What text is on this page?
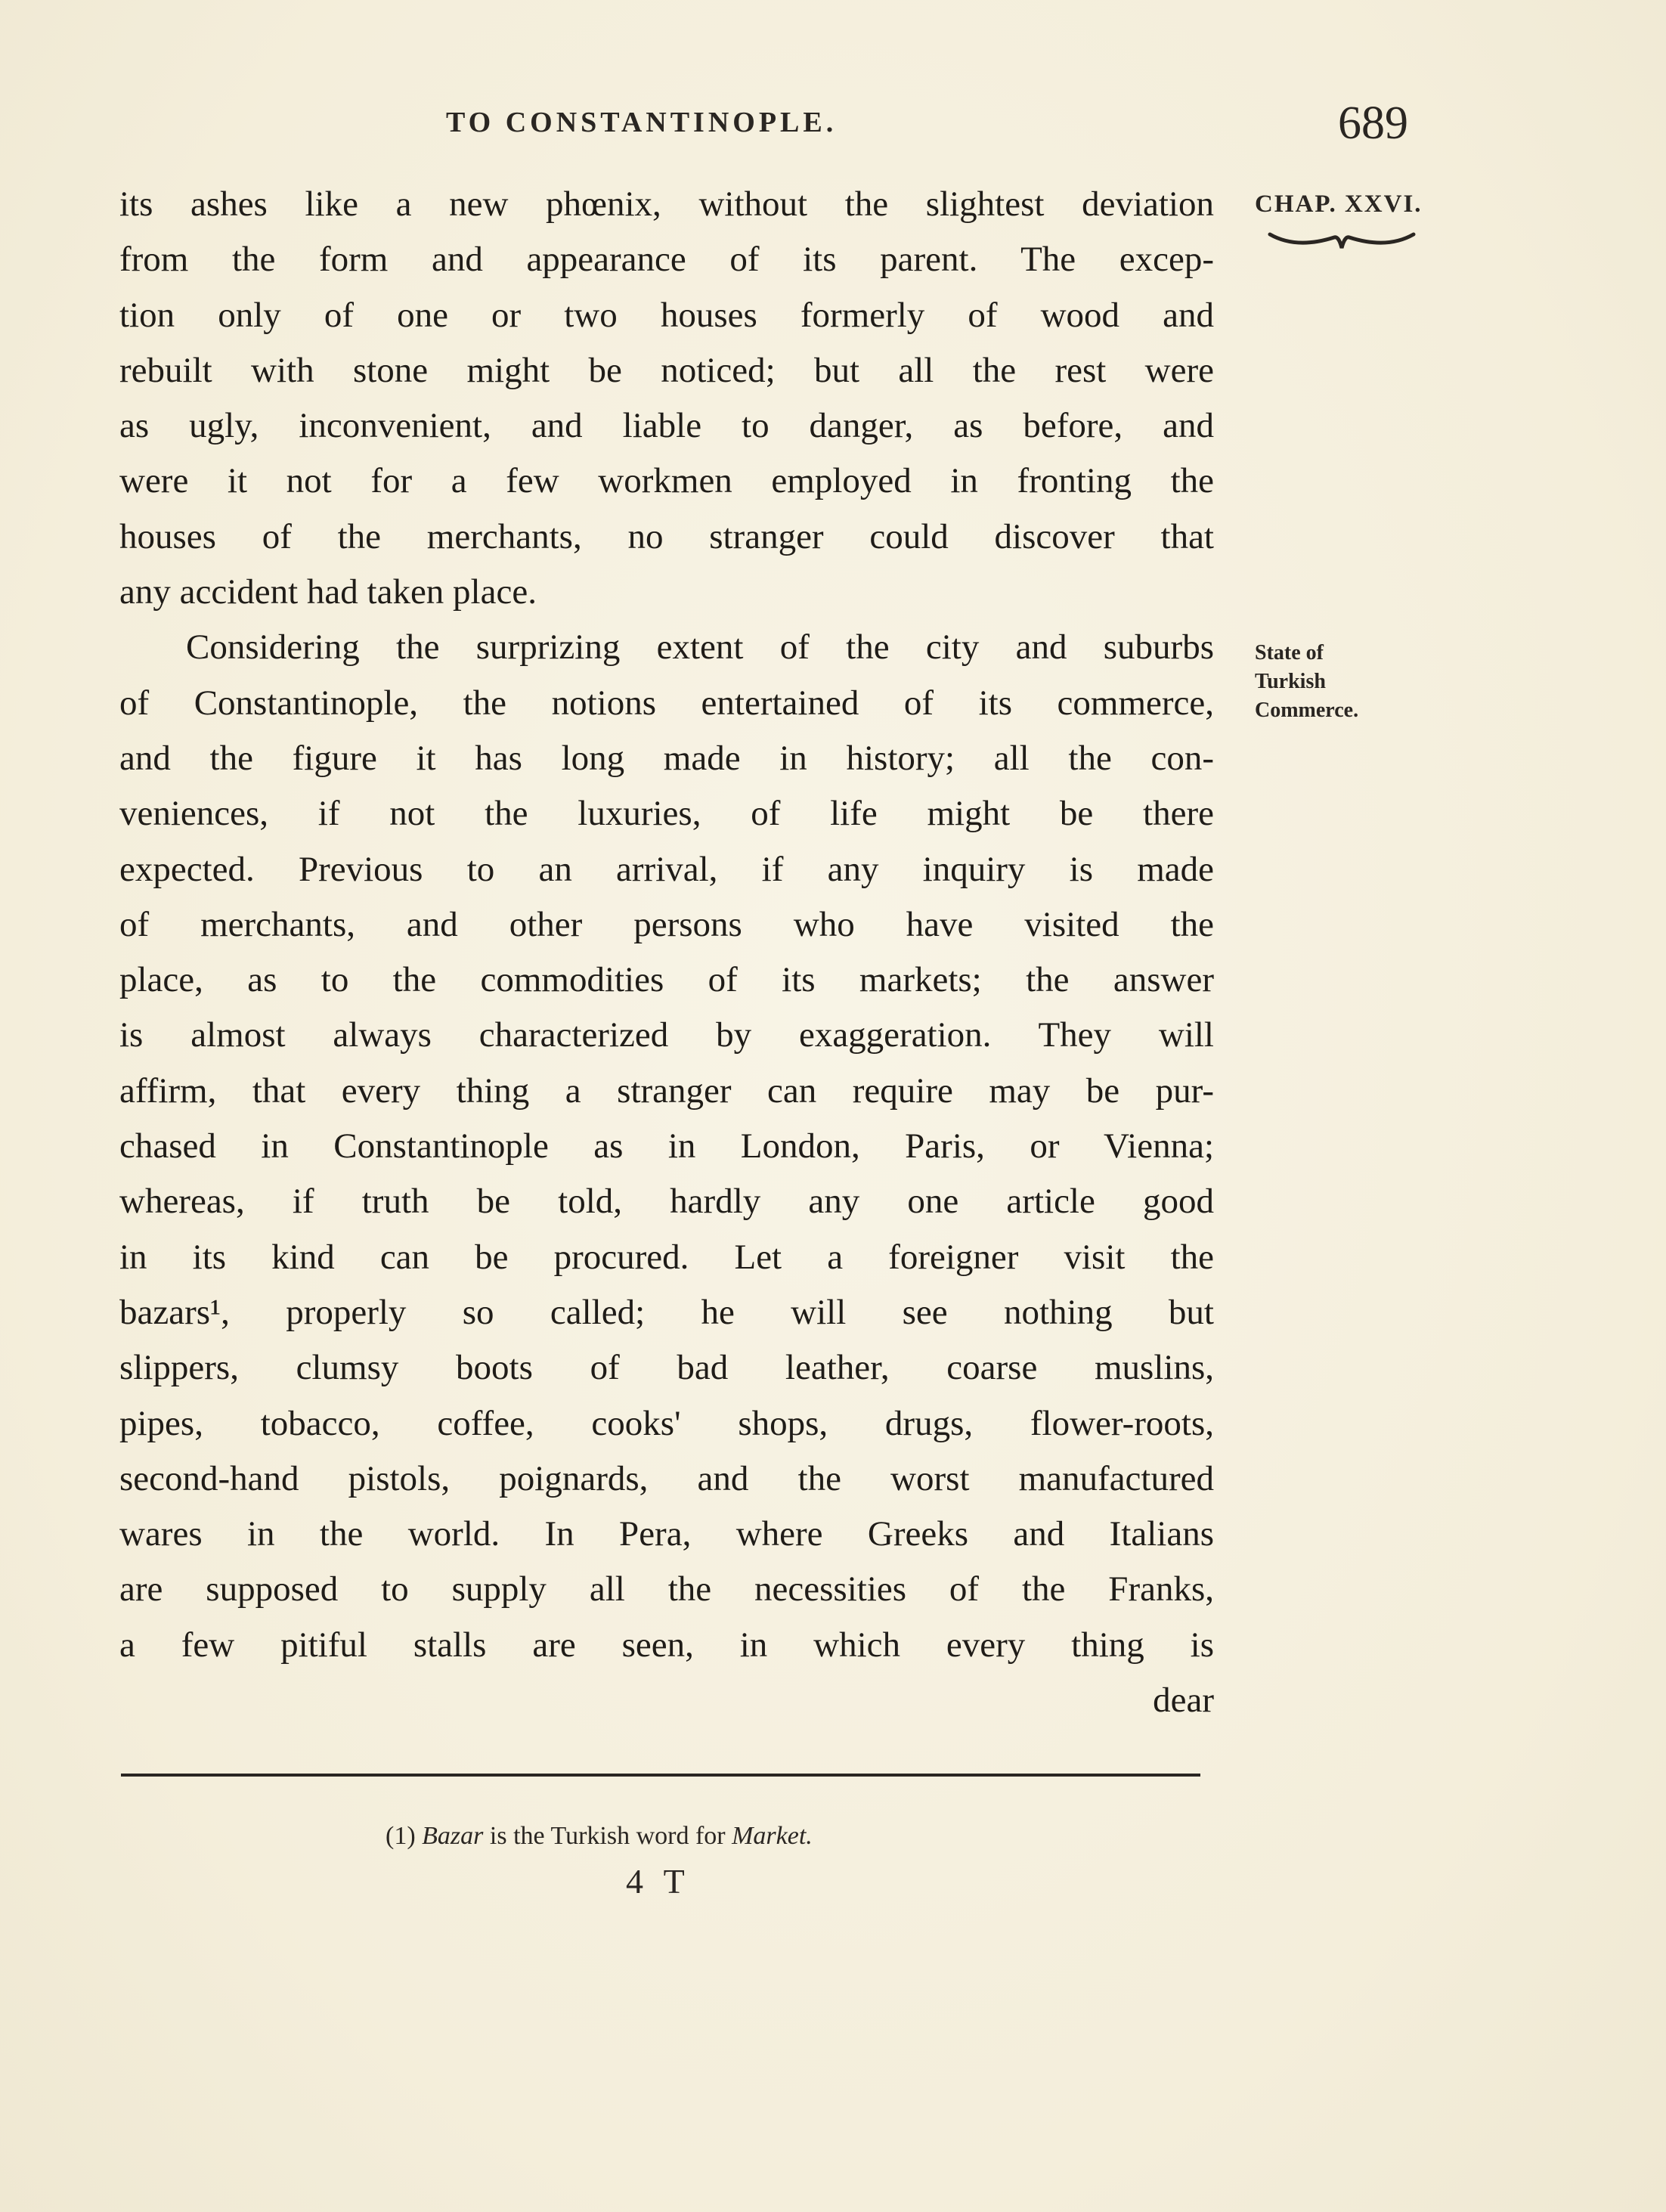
TO CONSTANTINOPLE.	689
CHAP. XXVI.
State of
Turkish
Commerce.
its ashes like a new phœnix, without the slightest deviation
from the form and appearance of its parent. The excep-
tion only of one or two houses formerly of wood and
rebuilt with stone might be noticed; but all the rest were
as ugly, inconvenient, and liable to danger, as before, and
were it not for a few workmen employed in fronting the
houses of the merchants, no stranger could discover that
any accident had taken place.
Considering the surprizing extent of the city and suburbs
of Constantinople, the notions entertained of its commerce,
and the figure it has long made in history; all the con-
veniences, if not the luxuries, of life might be there
expected. Previous to an arrival, if any inquiry is made
of merchants, and other persons who have visited the
place, as to the commodities of its markets; the answer
is almost always characterized by exaggeration. They will
affirm, that every thing a stranger can require may be pur-
chased in Constantinople as in London, Paris, or Vienna;
whereas, if truth be told, hardly any one article good
in its kind can be procured. Let a foreigner visit the
bazars¹, properly so called; he will see nothing but
slippers, clumsy boots of bad leather, coarse muslins,
pipes, tobacco, coffee, cooks' shops, drugs, flower-roots,
second-hand pistols, poignards, and the worst manufactured
wares in the world. In Pera, where Greeks and Italians
are supposed to supply all the necessities of the Franks,
a few pitiful stalls are seen, in which every thing is
dear
(1) Bazar is the Turkish word for Market.
4 T
